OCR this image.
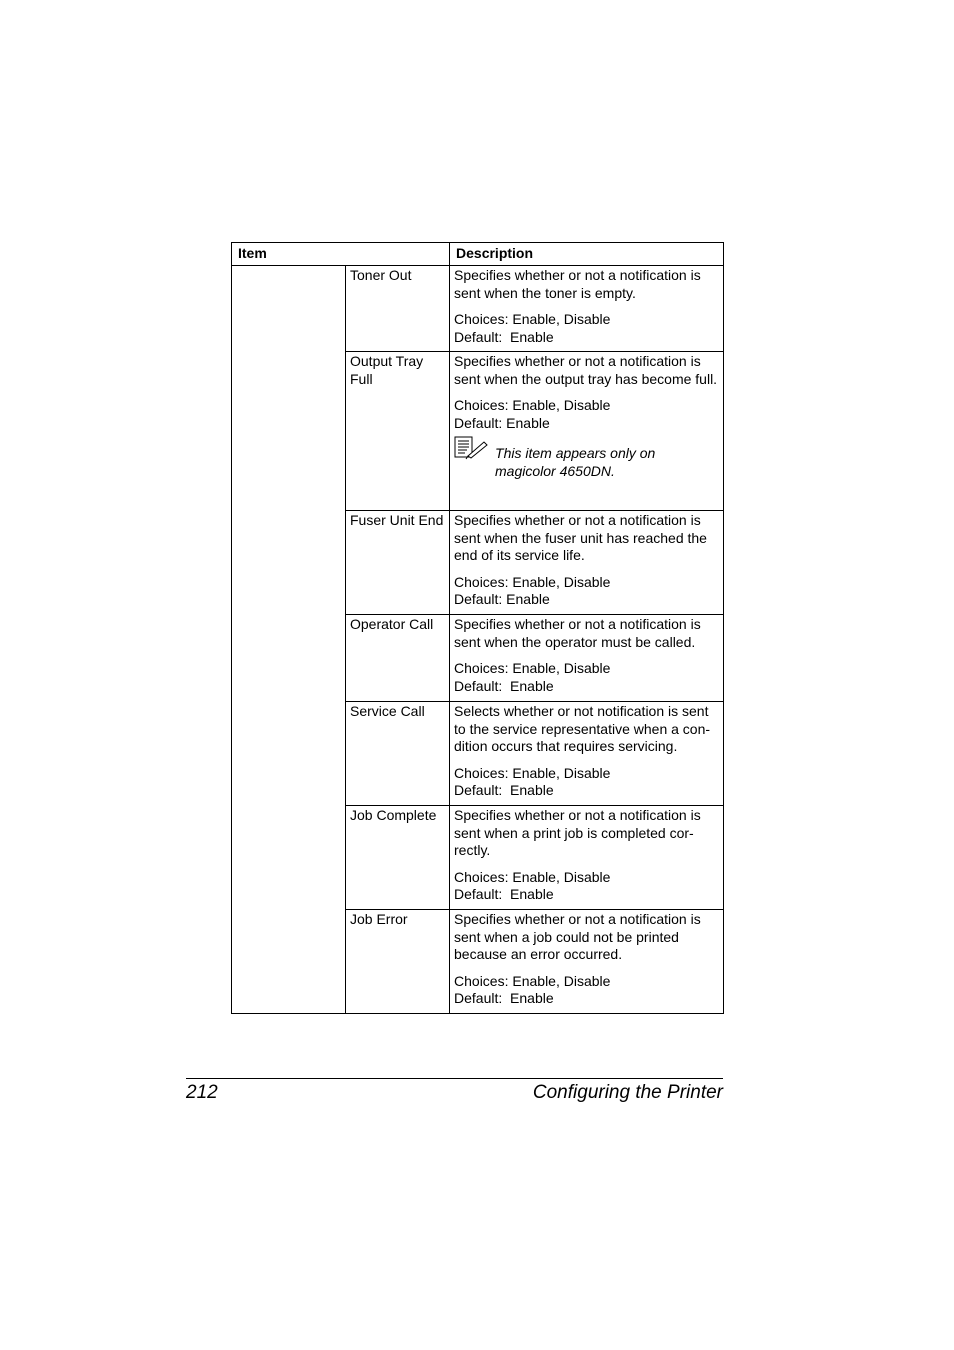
Item		Description
	Toner Out	Specifies whether or not a notification is sent when the toner is empty.

Choices: Enable, Disable

Default:  Enable

	Output Tray Full	Specifies whether or not a notification is sent when the output tray has become full.

Choices: Enable, Disable

Default: Enable

This item appears only on magicolor 4650DN.

	Fuser Unit End	Specifies whether or not a notification is sent when the fuser unit has reached the end of its service life.

Choices: Enable, Disable

Default: Enable

	Operator Call	Specifies whether or not a notification is sent when the operator must be called.

Choices: Enable, Disable

Default:  Enable

	Service Call	Selects whether or not notification is sent to the service representative when a con-dition occurs that requires servicing.

Choices: Enable, Disable

Default:  Enable

	Job Complete	Specifies whether or not a notification is sent when a print job is completed cor-rectly.

Choices: Enable, Disable

Default:  Enable

	Job Error	Specifies whether or not a notification is sent when a job could not be printed because an error occurred.

Choices: Enable, Disable

Default:  Enable

212	Configuring the Printer
